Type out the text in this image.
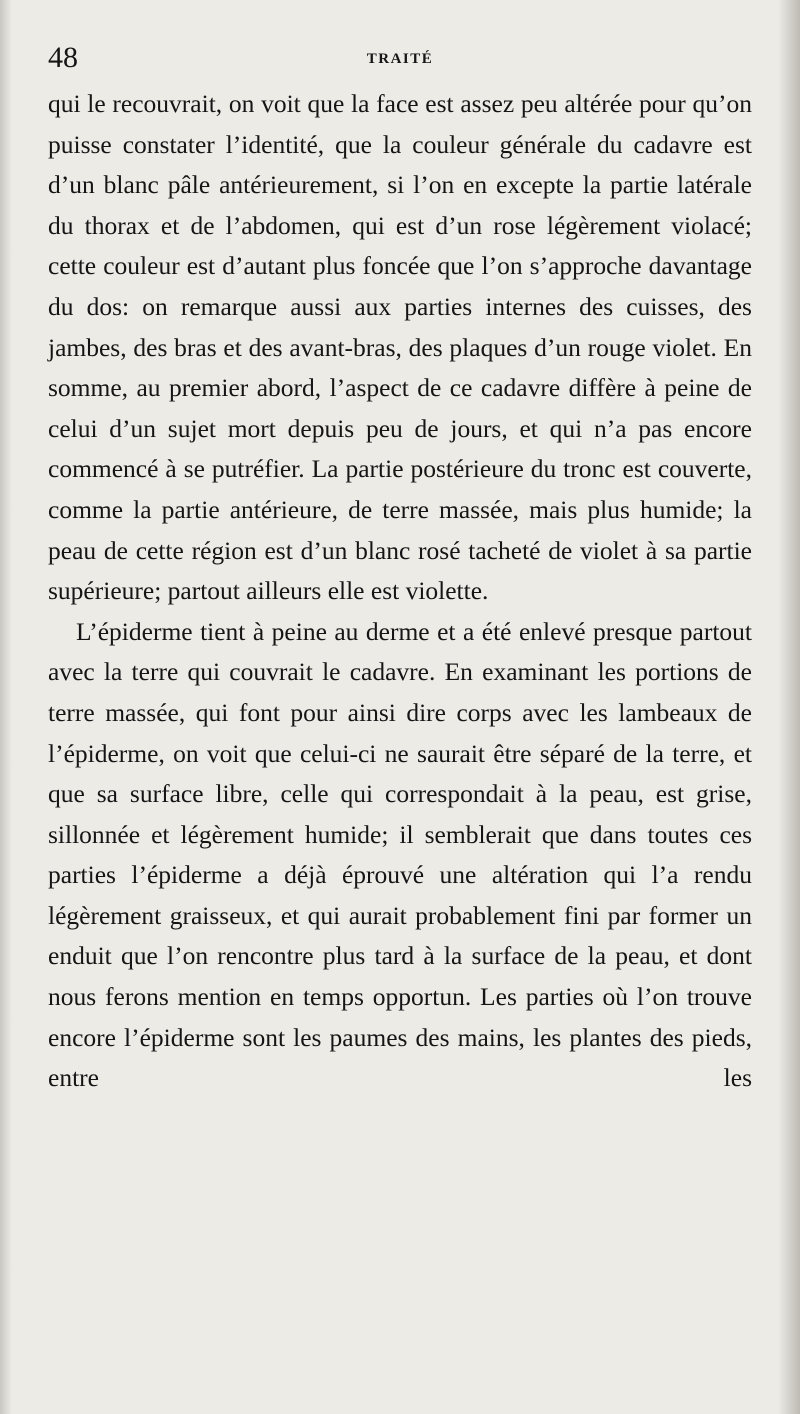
48	TRAITÉ

qui le recouvrait, on voit que la face est assez peu altérée pour qu’on puisse constater l’identité, que la couleur générale du cadavre est d’un blanc pâle antérieurement, si l’on en excepte la partie latérale du thorax et de l’abdomen, qui est d’un rose légèrement violacé; cette couleur est d’autant plus foncée que l’on s’approche davantage du dos: on remarque aussi aux parties internes des cuisses, des jambes, des bras et des avant-bras, des plaques d’un rouge violet. En somme, au premier abord, l’aspect de ce cadavre diffère à peine de celui d’un sujet mort depuis peu de jours, et qui n’a pas encore commencé à se putréfier. La partie postérieure du tronc est couverte, comme la partie antérieure, de terre massée, mais plus humide; la peau de cette région est d’un blanc rosé tacheté de violet à sa partie supérieure; partout ailleurs elle est violette.

L’épiderme tient à peine au derme et a été enlevé presque partout avec la terre qui couvrait le cadavre. En examinant les portions de terre massée, qui font pour ainsi dire corps avec les lambeaux de l’épiderme, on voit que celui-ci ne saurait être séparé de la terre, et que sa surface libre, celle qui correspondait à la peau, est grise, sillonnée et légèrement humide; il semblerait que dans toutes ces parties l’épiderme a déjà éprouvé une altération qui l’a rendu légèrement graisseux, et qui aurait probablement fini par former un enduit que l’on rencontre plus tard à la surface de la peau, et dont nous ferons mention en temps opportun. Les parties où l’on trouve encore l’épiderme sont les paumes des mains, les plantes des pieds, entre les
